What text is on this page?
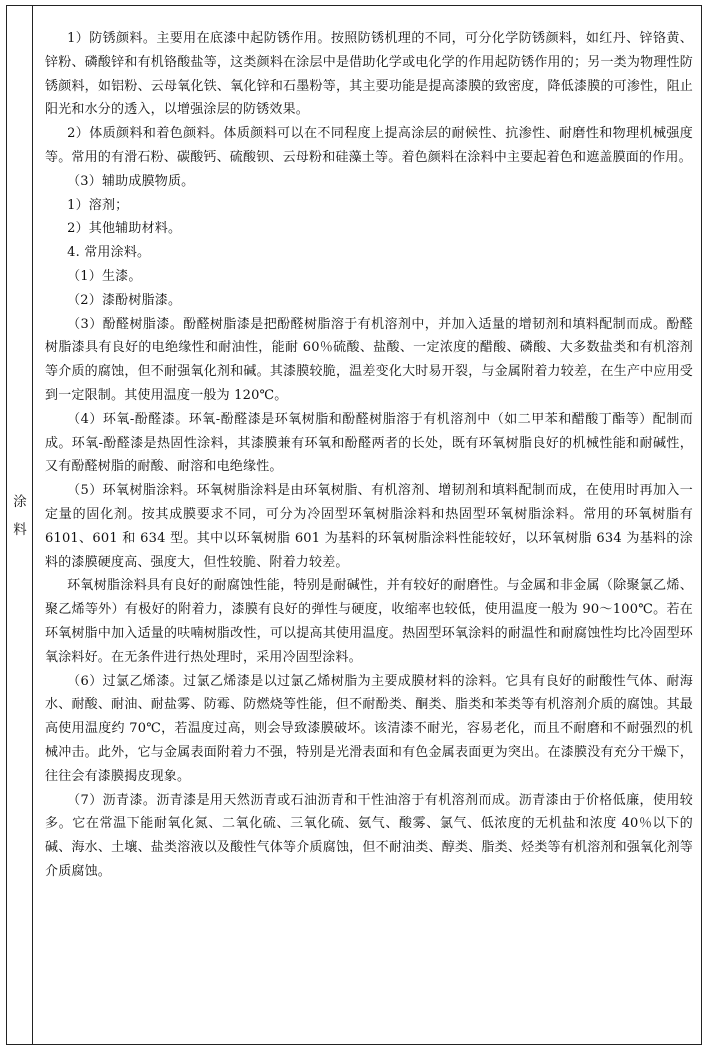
涂
料

1）防锈颜料。主要用在底漆中起防锈作用。按照防锈机理的不同，可分化学防锈颜料，如红丹、锌铬黄、锌粉、磷酸锌和有机铬酸盐等，这类颜料在涂层中是借助化学或电化学的作用起防锈作用的；另一类为物理性防锈颜料，如铝粉、云母氧化铁、氧化锌和石墨粉等，其主要功能是提高漆膜的致密度，降低漆膜的可渗性，阻止阳光和水分的透入，以增强涂层的防锈效果。

2）体质颜料和着色颜料。体质颜料可以在不同程度上提高涂层的耐候性、抗渗性、耐磨性和物理机械强度等。常用的有滑石粉、碳酸钙、硫酸钡、云母粉和硅藻土等。着色颜料在涂料中主要起着色和遮盖膜面的作用。

（3）辅助成膜物质。

1）溶剂；

2）其他辅助材料。

4. 常用涂料。

（1）生漆。

（2）漆酚树脂漆。

（3）酚醛树脂漆。酚醛树脂漆是把酚醛树脂溶于有机溶剂中，并加入适量的增韧剂和填料配制而成。酚醛树脂漆具有良好的电绝缘性和耐油性，能耐 60％硫酸、盐酸、一定浓度的醋酸、磷酸、大多数盐类和有机溶剂等介质的腐蚀，但不耐强氧化剂和碱。其漆膜较脆，温差变化大时易开裂，与金属附着力较差，在生产中应用受到一定限制。其使用温度一般为 120℃。

（4）环氧-酚醛漆。环氧-酚醛漆是环氧树脂和酚醛树脂溶于有机溶剂中（如二甲苯和醋酸丁酯等）配制而成。环氧-酚醛漆是热固性涂料，其漆膜兼有环氧和酚醛两者的长处，既有环氧树脂良好的机械性能和耐碱性，又有酚醛树脂的耐酸、耐溶和电绝缘性。

（5）环氧树脂涂料。环氧树脂涂料是由环氧树脂、有机溶剂、增韧剂和填料配制而成，在使用时再加入一定量的固化剂。按其成膜要求不同，可分为冷固型环氧树脂涂料和热固型环氧树脂涂料。常用的环氧树脂有 6101、601 和 634 型。其中以环氧树脂 601 为基料的环氧树脂涂料性能较好，以环氧树脂 634 为基料的涂料的漆膜硬度高、强度大，但性较脆、附着力较差。

环氧树脂涂料具有良好的耐腐蚀性能，特别是耐碱性，并有较好的耐磨性。与金属和非金属（除聚氯乙烯、聚乙烯等外）有极好的附着力，漆膜有良好的弹性与硬度，收缩率也较低，使用温度一般为 90～100℃。若在环氧树脂中加入适量的呋喃树脂改性，可以提高其使用温度。热固型环氧涂料的耐温性和耐腐蚀性均比冷固型环氧涂料好。在无条件进行热处理时，采用冷固型涂料。

（6）过氯乙烯漆。过氯乙烯漆是以过氯乙烯树脂为主要成膜材料的涂料。它具有良好的耐酸性气体、耐海水、耐酸、耐油、耐盐雾、防霉、防燃烧等性能，但不耐酚类、酮类、脂类和苯类等有机溶剂介质的腐蚀。其最高使用温度约 70℃，若温度过高，则会导致漆膜破坏。该清漆不耐光，容易老化，而且不耐磨和不耐强烈的机械冲击。此外，它与金属表面附着力不强，特别是光滑表面和有色金属表面更为突出。在漆膜没有充分干燥下，往往会有漆膜揭皮现象。

（7）沥青漆。沥青漆是用天然沥青或石油沥青和干性油溶于有机溶剂而成。沥青漆由于价格低廉，使用较多。它在常温下能耐氧化氮、二氧化硫、三氧化硫、氨气、酸雾、氯气、低浓度的无机盐和浓度 40％以下的碱、海水、土壤、盐类溶液以及酸性气体等介质腐蚀，但不耐油类、醇类、脂类、烃类等有机溶剂和强氧化剂等介质腐蚀。
